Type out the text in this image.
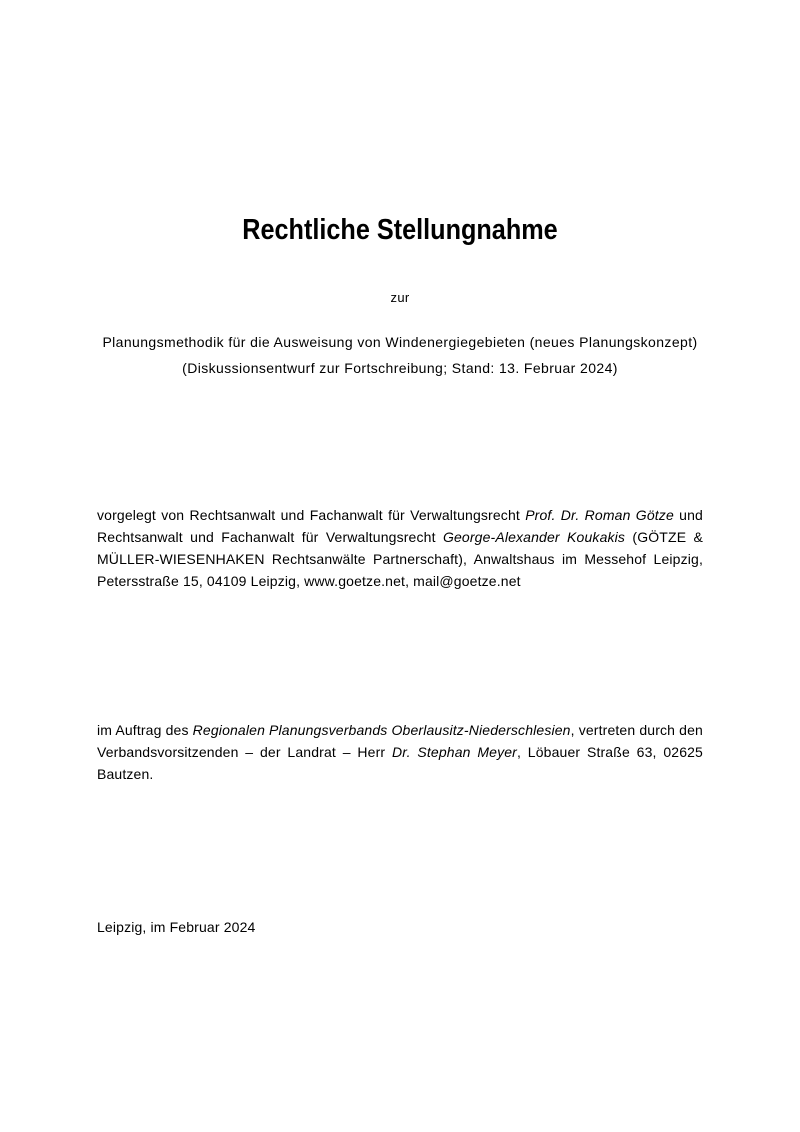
Rechtliche Stellungnahme
zur
Planungsmethodik für die Ausweisung von Windenergiegebieten (neues Planungskonzept)
(Diskussionsentwurf zur Fortschreibung; Stand: 13. Februar 2024)

vorgelegt von Rechtsanwalt und Fachanwalt für Verwaltungsrecht Prof. Dr. Roman Götze und Rechtsanwalt und Fachanwalt für Verwaltungsrecht George-Alexander Koukakis (GÖTZE & MÜLLER-WIESENHAKEN Rechtsanwälte Partnerschaft), Anwaltshaus im Messehof Leipzig, Petersstraße 15, 04109 Leipzig, www.goetze.net, mail@goetze.net

im Auftrag des Regionalen Planungsverbands Oberlausitz-Niederschlesien, vertreten durch den Verbandsvorsitzenden – der Landrat – Herr Dr. Stephan Meyer, Löbauer Straße 63, 02625 Bautzen.

Leipzig, im Februar 2024
